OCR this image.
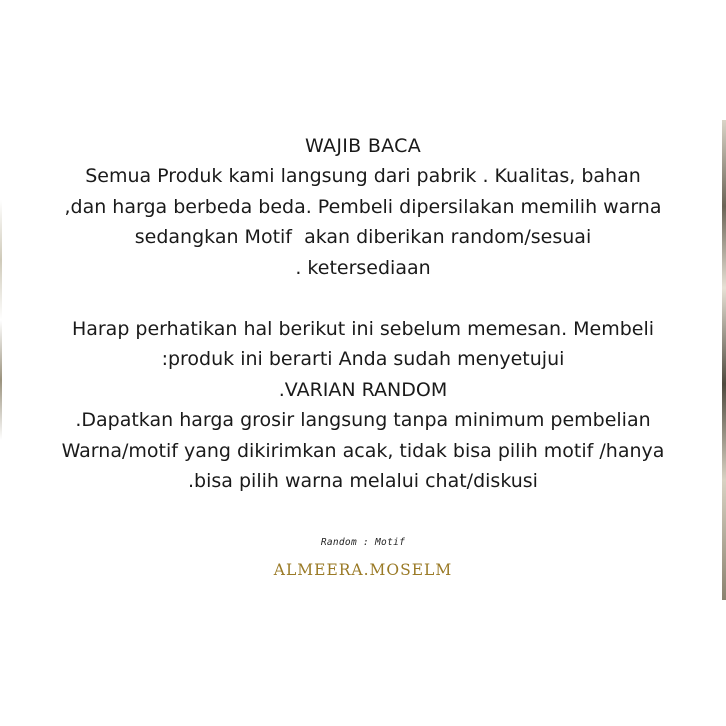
WAJIB BACA
Semua Produk kami langsung dari pabrik . Kualitas, bahan
,dan harga berbeda beda. Pembeli dipersilakan memilih warna
sedangkan Motif  akan diberikan random/sesuai
. ketersediaan
Harap perhatikan hal berikut ini sebelum memesan. Membeli
:produk ini berarti Anda sudah menyetujui
.VARIAN RANDOM
.Dapatkan harga grosir langsung tanpa minimum pembelian
Warna/motif yang dikirimkan acak, tidak bisa pilih motif /hanya
.bisa pilih warna melalui chat/diskusi
Random : Motif
ALMEERA.MOSELM
